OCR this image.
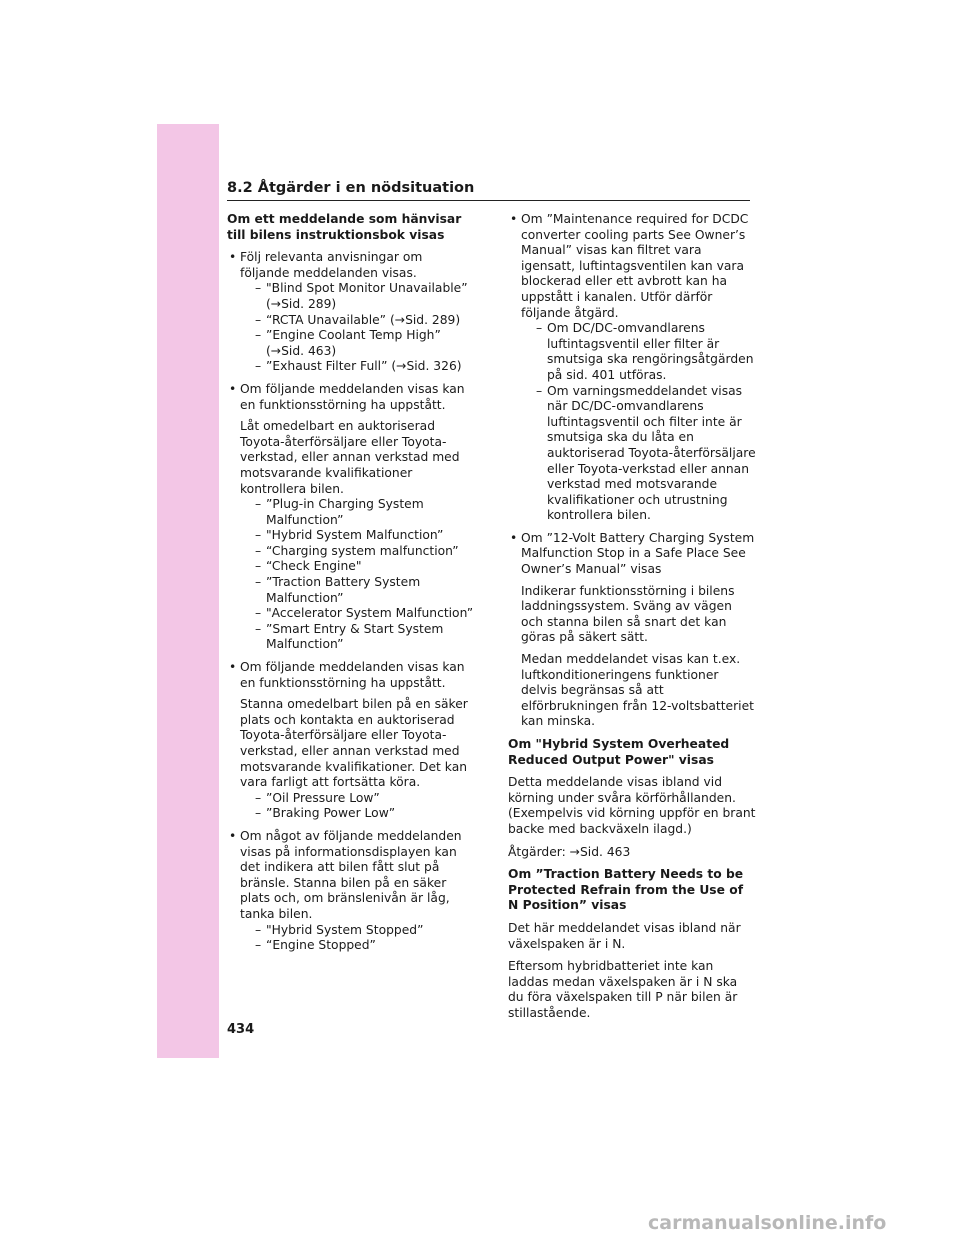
8.2 Åtgärder i en nödsituation
Om ett meddelande som hänvisar till bilens instruktionsbok visas
• Följ relevanta anvisningar om följande meddelanden visas.
– "Blind Spot Monitor Unavailable” (→Sid. 289)
– “RCTA Unavailable” (→Sid. 289)
– ”Engine Coolant Temp High” (→Sid. 463)
– ”Exhaust Filter Full” (→Sid. 326)
• Om följande meddelanden visas kan en funktionsstörning ha uppstått.
Låt omedelbart en auktoriserad Toyota-återförsäljare eller Toyota-verkstad, eller annan verkstad med motsvarande kvalifikationer kontrollera bilen.
– ”Plug-in Charging System Malfunction”
– "Hybrid System Malfunction”
– “Charging system malfunction”
– “Check Engine"
– ”Traction Battery System Malfunction”
– "Accelerator System Malfunction”
– ”Smart Entry & Start System Malfunction”
• Om följande meddelanden visas kan en funktionsstörning ha uppstått.
Stanna omedelbart bilen på en säker plats och kontakta en auktoriserad Toyota-återförsäljare eller Toyota-verkstad, eller annan verkstad med motsvarande kvalifikationer. Det kan vara farligt att fortsätta köra.
– ”Oil Pressure Low”
– ”Braking Power Low”
• Om något av följande meddelanden visas på informationsdisplayen kan det indikera att bilen fått slut på bränsle. Stanna bilen på en säker plats och, om bränslenivån är låg, tanka bilen.
– "Hybrid System Stopped”
– “Engine Stopped”
• Om ”Maintenance required for DCDC converter cooling parts See Owner’s Manual” visas kan filtret vara igensatt, luftintagsventilen kan vara blockerad eller ett avbrott kan ha uppstått i kanalen. Utför därför följande åtgärd.
– Om DC/DC-omvandlarens luftintagsventil eller filter är smutsiga ska rengöringsåtgärden på sid. 401 utföras.
– Om varningsmeddelandet visas när DC/DC-omvandlarens luftintagsventil och filter inte är smutsiga ska du låta en auktoriserad Toyota-återförsäljare eller Toyota-verkstad eller annan verkstad med motsvarande kvalifikationer och utrustning kontrollera bilen.
• Om ”12-Volt Battery Charging System Malfunction Stop in a Safe Place See Owner’s Manual” visas
Indikerar funktionsstörning i bilens laddningssystem. Sväng av vägen och stanna bilen så snart det kan göras på säkert sätt.
Medan meddelandet visas kan t.ex. luftkonditioneringens funktioner delvis begränsas så att elförbrukningen från 12-voltsbatteriet kan minska.
Om "Hybrid System Overheated Reduced Output Power" visas
Detta meddelande visas ibland vid körning under svåra körförhållanden. (Exempelvis vid körning uppför en brant backe med backväxeln ilagd.)
Åtgärder: →Sid. 463
Om ”Traction Battery Needs to be Protected Refrain from the Use of N Position” visas
Det här meddelandet visas ibland när växelspaken är i N.
Eftersom hybridbatteriet inte kan laddas medan växelspaken är i N ska du föra växelspaken till P när bilen är stillastående.
434
carmanualsonline.info
